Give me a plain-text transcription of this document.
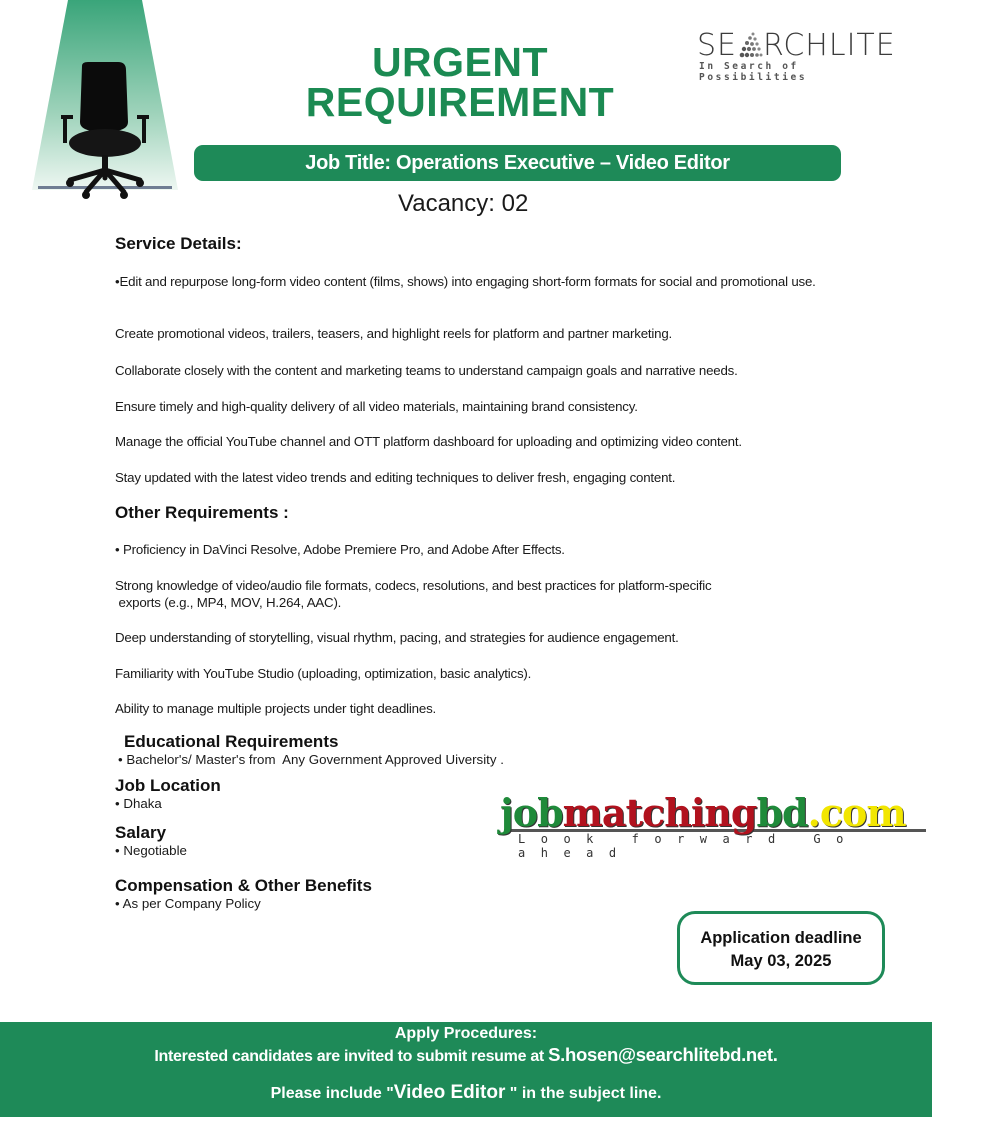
SE RCHLITE
In Search of Possibilities
URGENT
REQUIREMENT
Job Title: Operations Executive – Video Editor
Vacancy: 02
Service Details:
•Edit and repurpose long-form video content (films, shows) into engaging short-form formats for social and promotional use.
Create promotional videos, trailers, teasers, and highlight reels for platform and partner marketing.
Collaborate closely with the content and marketing teams to understand campaign goals and narrative needs.
Ensure timely and high-quality delivery of all video materials, maintaining brand consistency.
Manage the official YouTube channel and OTT platform dashboard for uploading and optimizing video content.
Stay updated with the latest video trends and editing techniques to deliver fresh, engaging content.
Other Requirements :
• Proficiency in DaVinci Resolve, Adobe Premiere Pro, and Adobe After Effects.
Strong knowledge of video/audio file formats, codecs, resolutions, and best practices for platform-specific
exports (e.g., MP4, MOV, H.264, AAC).
Deep understanding of storytelling, visual rhythm, pacing, and strategies for audience engagement.
Familiarity with YouTube Studio (uploading, optimization, basic analytics).
Ability to manage multiple projects under tight deadlines.
Educational Requirements
• Bachelor's/ Master's from  Any Government Approved Uiversity .
Job Location
• Dhaka
Salary
• Negotiable
Compensation & Other Benefits
• As per Company Policy
jobmatchingbd.com
Look forward Go ahead
Application deadline
May 03, 2025
Apply Procedures:
Interested candidates are invited to submit resume at S.hosen@searchlitebd.net.
Please include "Video Editor " in the subject line.
